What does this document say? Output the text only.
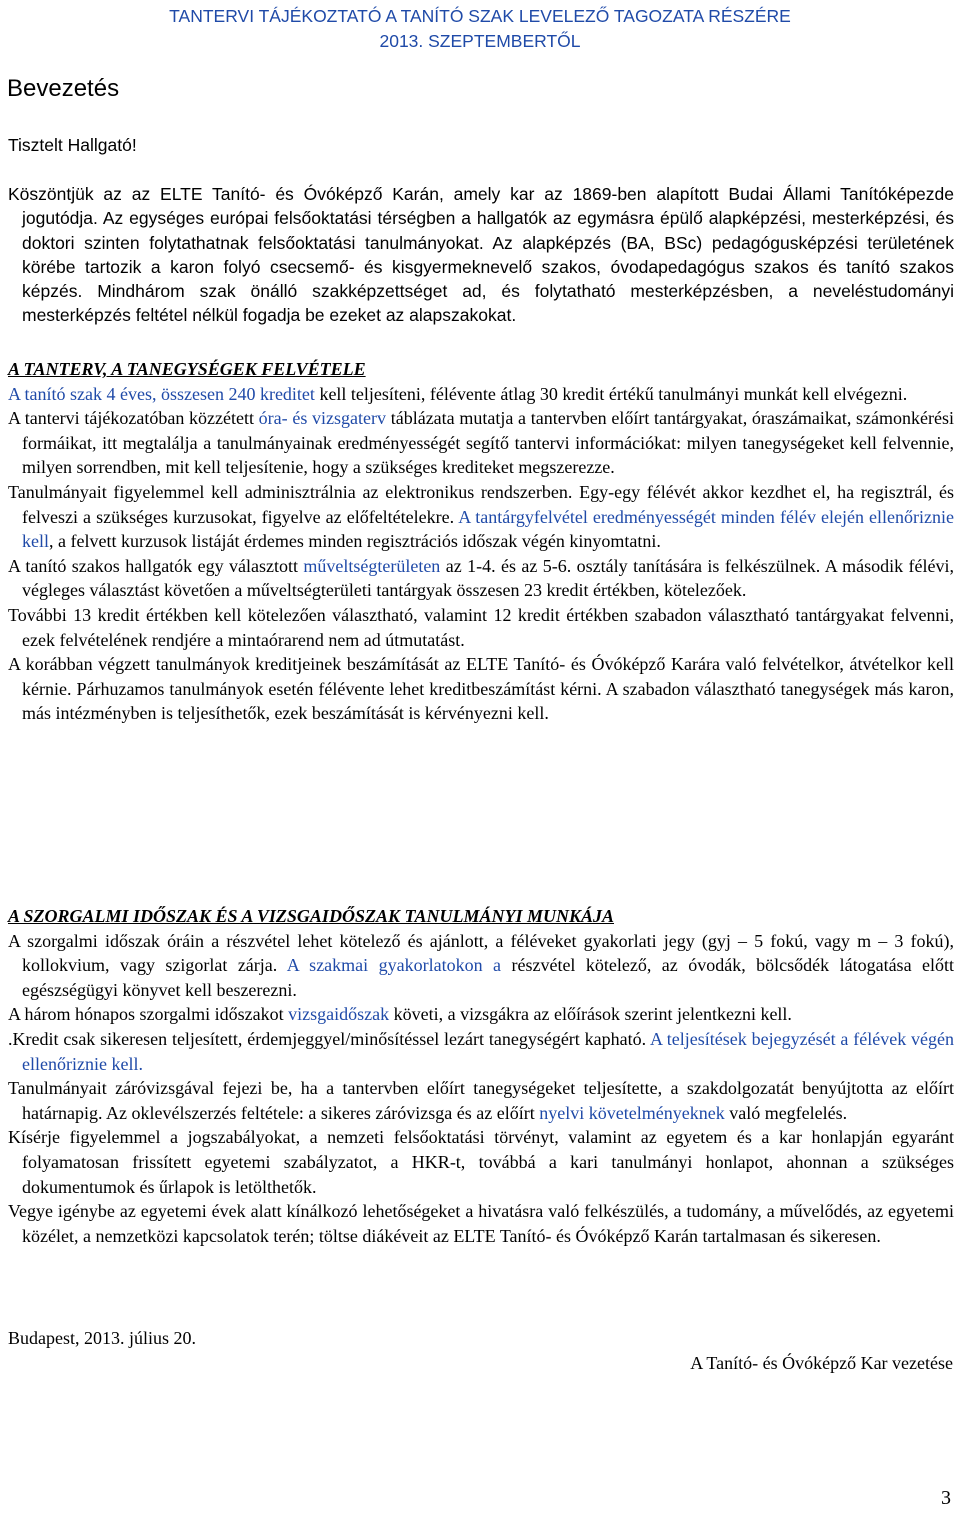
TANTERVI TÁJÉKOZTATÓ A TANÍTÓ SZAK LEVELEZŐ TAGOZATA RÉSZÉRE
2013. SZEPTEMBERTŐL
Bevezetés
Tisztelt Hallgató!
Köszöntjük az az ELTE Tanító- és Óvóképző Karán, amely kar az 1869-ben alapított Budai Állami Tanítóképezde jogutódja. Az egységes európai felsőoktatási térségben a hallgatók az egymásra épülő alapképzési, mesterképzési, és doktori szinten folytathatnak felsőoktatási tanulmányokat. Az alapképzés (BA, BSc) pedagógusképzési területének körébe tartozik a karon folyó csecsemő- és kisgyermeknevelő szakos, óvodapedagógus szakos és tanító szakos képzés. Mindhárom szak önálló szakképzettséget ad, és folytatható mesterképzésben, a neveléstudományi mesterképzés feltétel nélkül fogadja be ezeket az alapszakokat.
A TANTERV, A TANEGYSÉGEK FELVÉTELE
A tanító szak 4 éves, összesen 240 kreditet kell teljesíteni, félévente átlag 30 kredit értékű tanulmányi munkát kell elvégezni.
A tantervi tájékozatóban közzétett óra- és vizsgaterv táblázata mutatja a tantervben előírt tantárgyakat, óraszámaikat, számonkérési formáikat, itt megtalálja a tanulmányainak eredményességét segítő tantervi információkat: milyen tanegységeket kell felvennie, milyen sorrendben, mit kell teljesítenie, hogy a szükséges krediteket megszerezze.
Tanulmányait figyelemmel kell adminisztrálnia az elektronikus rendszerben. Egy-egy félévét akkor kezdhet el, ha regisztrál, és felveszi a szükséges kurzusokat, figyelve az előfeltételekre. A tantárgyfelvétel eredményességét minden félév elején ellenőriznie kell, a felvett kurzusok listáját érdemes minden regisztrációs időszak végén kinyomtatni.
A tanító szakos hallgatók egy választott műveltségterületen az 1-4. és az 5-6. osztály tanítására is felkészülnek. A második félévi, végleges választást követően a műveltségterületi tantárgyak összesen 23 kredit értékben, kötelezőek.
További 13 kredit értékben kell kötelezően választható, valamint 12 kredit értékben szabadon választható tantárgyakat felvenni, ezek felvételének rendjére a mintaórarend nem ad útmutatást.
A korábban végzett tanulmányok kreditjeinek beszámítását az ELTE Tanító- és Óvóképző Karára való felvételkor, átvételkor kell kérnie. Párhuzamos tanulmányok esetén félévente lehet kreditbeszámítást kérni. A szabadon választható tanegységek más karon, más intézményben is teljesíthetők, ezek beszámítását is kérvényezni kell.
A SZORGALMI IDŐSZAK ÉS A VIZSGAIDŐSZAK TANULMÁNYI MUNKÁJA
A szorgalmi időszak óráin a részvétel lehet kötelező és ajánlott, a féléveket gyakorlati jegy (gyj – 5 fokú, vagy m – 3 fokú), kollokvium, vagy szigorlat zárja. A szakmai gyakorlatokon a részvétel kötelező, az óvodák, bölcsődék látogatása előtt egészségügyi könyvet kell beszerezni.
A három hónapos szorgalmi időszakot vizsgaidőszak követi, a vizsgákra az előírások szerint jelentkezni kell.
.Kredit csak sikeresen teljesített, érdemjeggyel/minősítéssel lezárt tanegységért kapható. A teljesítések bejegyzését a félévek végén ellenőriznie kell.
Tanulmányait záróvizsgával fejezi be, ha a tantervben előírt tanegységeket teljesítette, a szakdolgozatát benyújtotta az előírt határnapig. Az oklevélszerzés feltétele: a sikeres záróvizsga és az előírt nyelvi követelményeknek való megfelelés.
Kísérje figyelemmel a jogszabályokat, a nemzeti felsőoktatási törvényt, valamint az egyetem és a kar honlapján egyaránt folyamatosan frissített egyetemi szabályzatot, a HKR-t, továbbá a kari tanulmányi honlapot, ahonnan a szükséges dokumentumok és űrlapok is letölthetők.
Vegye igénybe az egyetemi évek alatt kínálkozó lehetőségeket a hivatásra való felkészülés, a tudomány, a művelődés, az egyetemi közélet, a nemzetközi kapcsolatok terén; töltse diákéveit az ELTE Tanító- és Óvóképző Karán tartalmasan és sikeresen.
Budapest, 2013. július 20.
A Tanító- és Óvóképző Kar vezetése
3
